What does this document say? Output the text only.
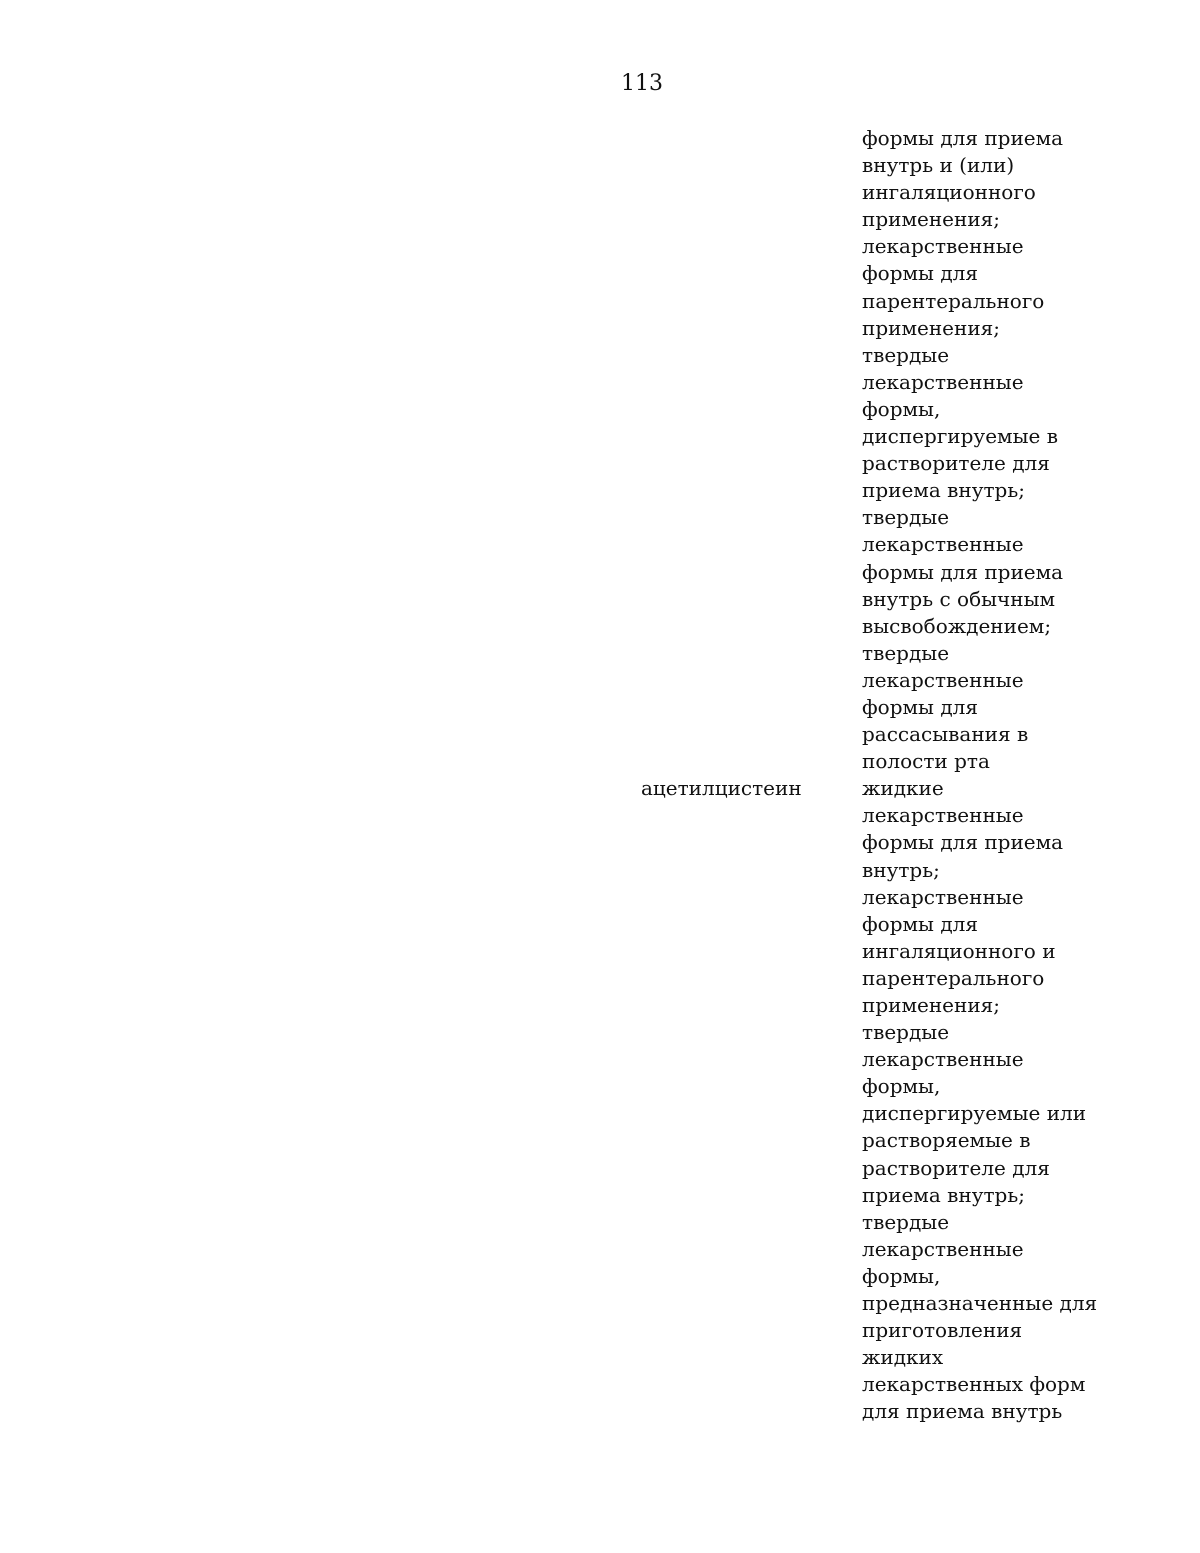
113
формы для приема
внутрь и (или)
ингаляционного
применения;
лекарственные
формы для
парентерального
применения;
твердые
лекарственные
формы,
диспергируемые в
растворителе для
приема внутрь;
твердые
лекарственные
формы для приема
внутрь с обычным
высвобождением;
твердые
лекарственные
формы для
рассасывания в
полости рта
ацетилцистеин	жидкие
лекарственные
формы для приема
внутрь;
лекарственные
формы для
ингаляционного и
парентерального
применения;
твердые
лекарственные
формы,
диспергируемые или
растворяемые в
растворителе для
приема внутрь;
твердые
лекарственные
формы,
предназначенные для
приготовления
жидких
лекарственных форм
для приема внутрь
